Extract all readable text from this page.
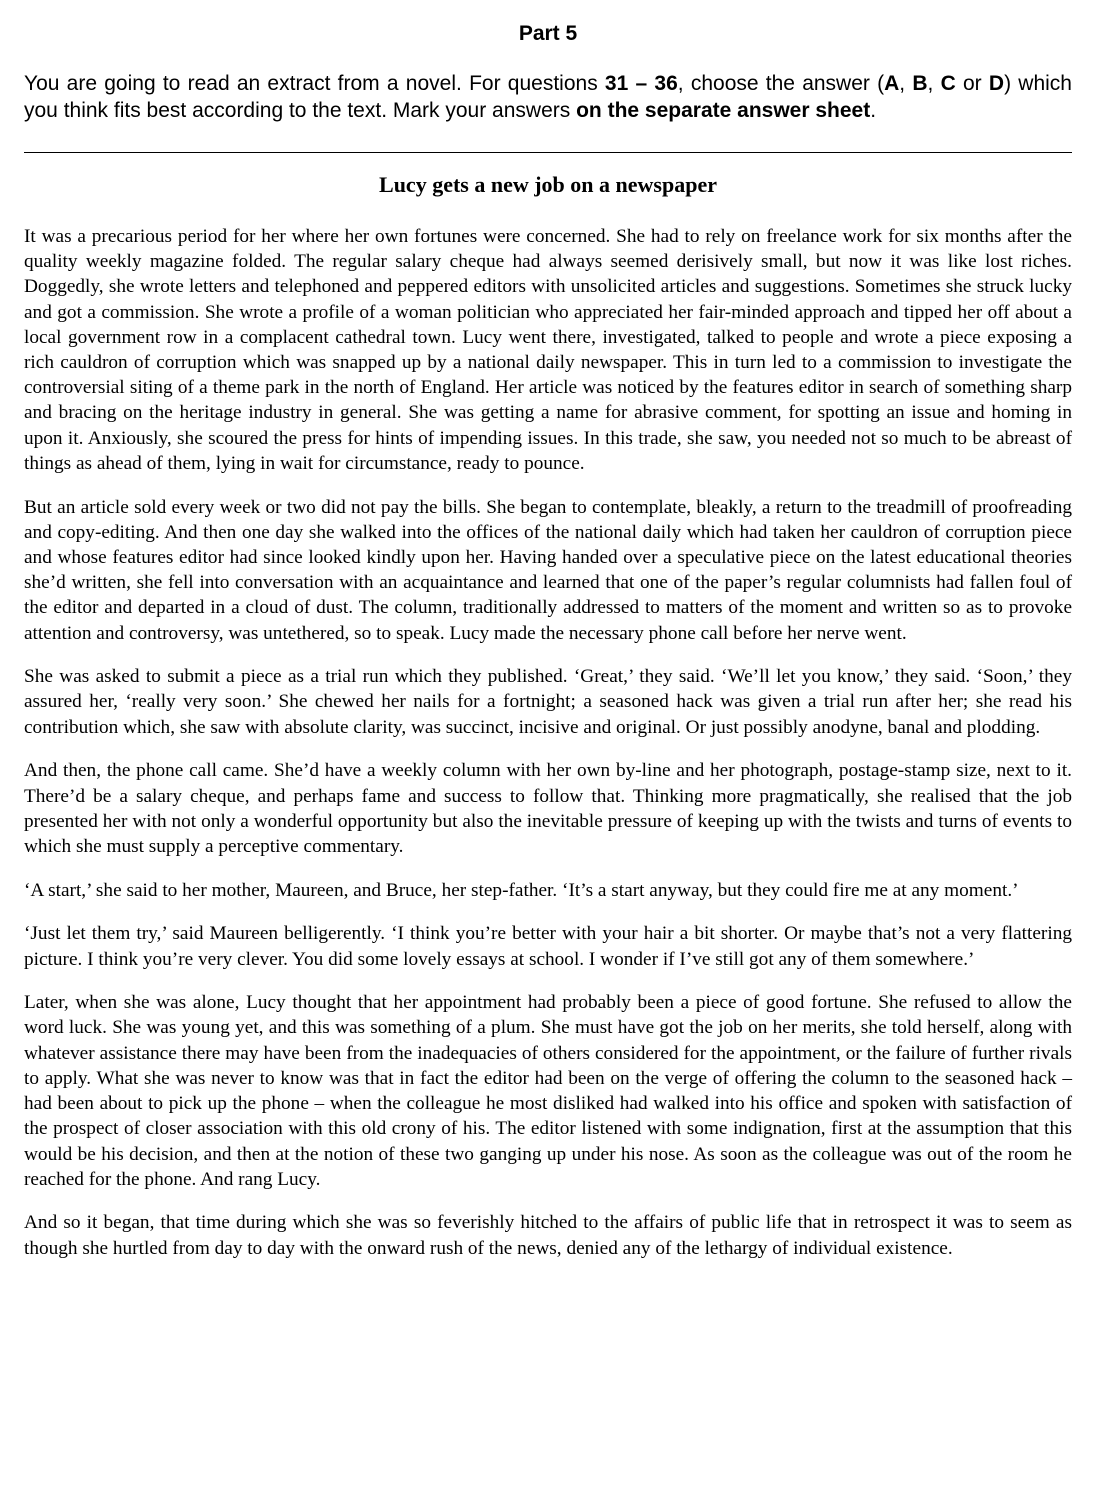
Part 5

You are going to read an extract from a novel. For questions 31 – 36, choose the answer (A, B, C or D) which you think fits best according to the text. Mark your answers on the separate answer sheet.

Lucy gets a new job on a newspaper

It was a precarious period for her where her own fortunes were concerned. She had to rely on freelance work for six months after the quality weekly magazine folded. The regular salary cheque had always seemed derisively small, but now it was like lost riches. Doggedly, she wrote letters and telephoned and peppered editors with unsolicited articles and suggestions. Sometimes she struck lucky and got a commission. She wrote a profile of a woman politician who appreciated her fair-minded approach and tipped her off about a local government row in a complacent cathedral town. Lucy went there, investigated, talked to people and wrote a piece exposing a rich cauldron of corruption which was snapped up by a national daily newspaper. This in turn led to a commission to investigate the controversial siting of a theme park in the north of England. Her article was noticed by the features editor in search of something sharp and bracing on the heritage industry in general. She was getting a name for abrasive comment, for spotting an issue and homing in upon it. Anxiously, she scoured the press for hints of impending issues. In this trade, she saw, you needed not so much to be abreast of things as ahead of them, lying in wait for circumstance, ready to pounce.

But an article sold every week or two did not pay the bills. She began to contemplate, bleakly, a return to the treadmill of proofreading and copy-editing. And then one day she walked into the offices of the national daily which had taken her cauldron of corruption piece and whose features editor had since looked kindly upon her. Having handed over a speculative piece on the latest educational theories she’d written, she fell into conversation with an acquaintance and learned that one of the paper’s regular columnists had fallen foul of the editor and departed in a cloud of dust. The column, traditionally addressed to matters of the moment and written so as to provoke attention and controversy, was untethered, so to speak. Lucy made the necessary phone call before her nerve went.

She was asked to submit a piece as a trial run which they published. ‘Great,’ they said. ‘We’ll let you know,’ they said. ‘Soon,’ they assured her, ‘really very soon.’ She chewed her nails for a fortnight; a seasoned hack was given a trial run after her; she read his contribution which, she saw with absolute clarity, was succinct, incisive and original. Or just possibly anodyne, banal and plodding.

And then, the phone call came. She’d have a weekly column with her own by-line and her photograph, postage-stamp size, next to it. There’d be a salary cheque, and perhaps fame and success to follow that. Thinking more pragmatically, she realised that the job presented her with not only a wonderful opportunity but also the inevitable pressure of keeping up with the twists and turns of events to which she must supply a perceptive commentary.

‘A start,’ she said to her mother, Maureen, and Bruce, her step-father. ‘It’s a start anyway, but they could fire me at any moment.’

‘Just let them try,’ said Maureen belligerently. ‘I think you’re better with your hair a bit shorter. Or maybe that’s not a very flattering picture. I think you’re very clever. You did some lovely essays at school. I wonder if I’ve still got any of them somewhere.’

Later, when she was alone, Lucy thought that her appointment had probably been a piece of good fortune. She refused to allow the word luck. She was young yet, and this was something of a plum. She must have got the job on her merits, she told herself, along with whatever assistance there may have been from the inadequacies of others considered for the appointment, or the failure of further rivals to apply. What she was never to know was that in fact the editor had been on the verge of offering the column to the seasoned hack – had been about to pick up the phone – when the colleague he most disliked had walked into his office and spoken with satisfaction of the prospect of closer association with this old crony of his. The editor listened with some indignation, first at the assumption that this would be his decision, and then at the notion of these two ganging up under his nose. As soon as the colleague was out of the room he reached for the phone. And rang Lucy.

And so it began, that time during which she was so feverishly hitched to the affairs of public life that in retrospect it was to seem as though she hurtled from day to day with the onward rush of the news, denied any of the lethargy of individual existence.
